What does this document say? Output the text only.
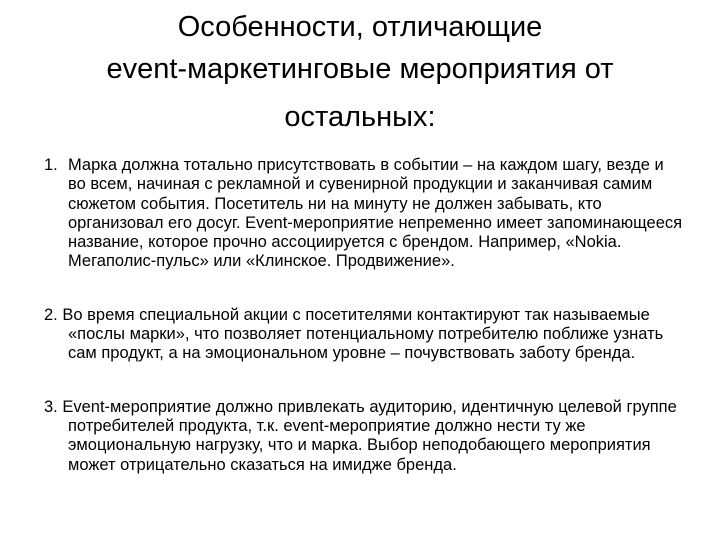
Особенности, отличающие
event-маркетинговые мероприятия от

остальных:

1. Марка должна тотально присутствовать в событии – на каждом шагу, везде и во всем, начиная с рекламной и сувенирной продукции и заканчивая самим сюжетом события. Посетитель ни на минуту не должен забывать, кто организовал его досуг. Event-мероприятие непременно имеет запоминающееся название, которое прочно ассоциируется с брендом. Например, «Nokia. Мегаполис-пульс» или «Клинское. Продвижение».

2. Во время специальной акции с посетителями контактируют так называемые «послы марки», что позволяет потенциальному потребителю поближе узнать сам продукт, а на эмоциональном уровне – почувствовать заботу бренда.

3. Event-мероприятие должно привлекать аудиторию, идентичную целевой группе потребителей продукта, т.к. event-мероприятие должно нести ту же эмоциональную нагрузку, что и марка. Выбор неподобающего мероприятия может отрицательно сказаться на имидже бренда.
